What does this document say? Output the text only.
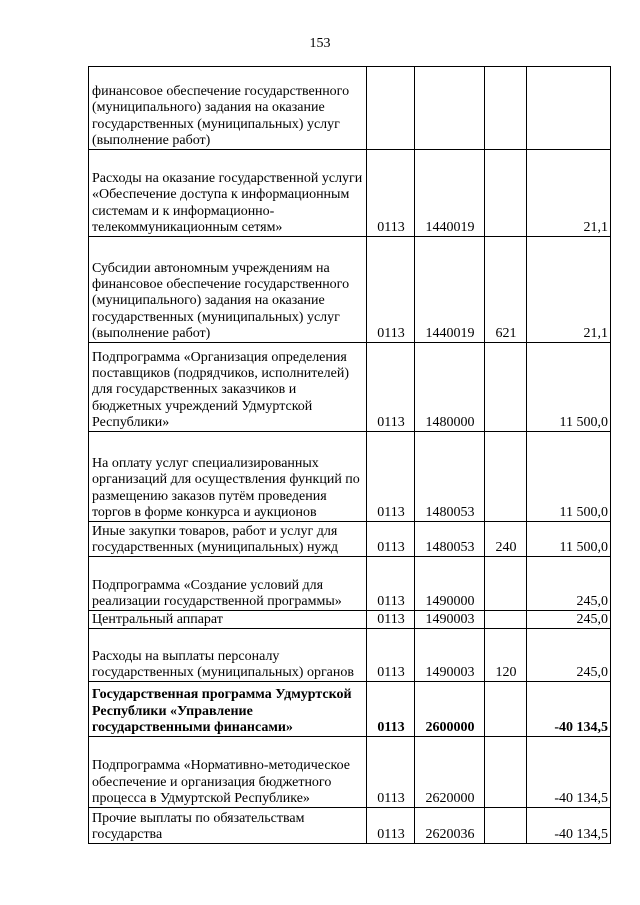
153
финансовое обеспечение государственного (муниципального) задания на оказание государственных (муниципальных) услуг (выполнение работ)				
Расходы на оказание государственной услуги «Обеспечение доступа к информационным системам и к информационно-телекоммуникационным сетям»	0113	1440019		21,1
Субсидии автономным учреждениям на финансовое обеспечение государственного (муниципального) задания на оказание государственных (муниципальных) услуг (выполнение работ)	0113	1440019	621	21,1
Подпрограмма «Организация определения поставщиков (подрядчиков, исполнителей) для государственных заказчиков и бюджетных учреждений Удмуртской Республики»	0113	1480000		11 500,0
На оплату услуг специализированных организаций для осуществления функций по размещению заказов путём проведения торгов в форме конкурса и аукционов	0113	1480053		11 500,0
Иные закупки товаров, работ и услуг для государственных (муниципальных) нужд	0113	1480053	240	11 500,0
Подпрограмма «Создание условий для реализации государственной программы»	0113	1490000		245,0
Центральный аппарат	0113	1490003		245,0
Расходы на выплаты персоналу государственных (муниципальных) органов	0113	1490003	120	245,0
Государственная программа Удмуртской Республики «Управление государственными финансами»	0113	2600000		-40 134,5
Подпрограмма «Нормативно-методическое обеспечение и организация бюджетного процесса в Удмуртской Республике»	0113	2620000		-40 134,5
Прочие выплаты по обязательствам государства	0113	2620036		-40 134,5
